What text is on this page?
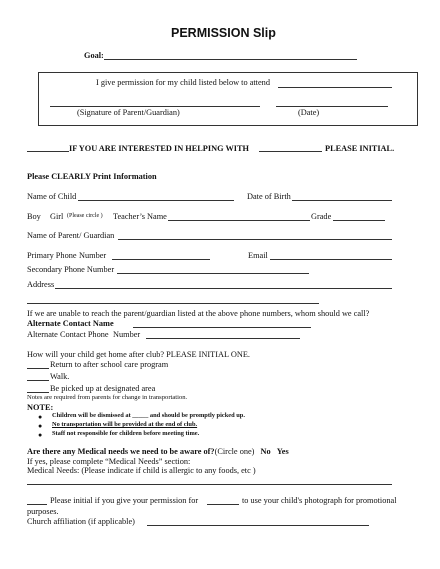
PERMISSION Slip
Goal:
I give permission for my child listed below to attend
(Signature of Parent/Guardian)	(Date)
IF YOU ARE INTERESTED IN HELPING WITH	PLEASE INITIAL.
Please CLEARLY Print Information
Name of Child	Date of Birth
Boy Girl (Please circle ) Teacher’s Name	Grade
Name of Parent/ Guardian
Primary Phone Number	Email
Secondary Phone Number
Address
If we are unable to reach the parent/guardian listed at the above phone numbers, whom should we call?
Alternate Contact Name
Alternate Contact Phone Number
How will your child get home after club? PLEASE INITIAL ONE.
Return to after school care program
Walk.
Be picked up at designated area
Notes are required from parents for change in transportation.
NOTE:
● Children will be dismissed at _____ and should be promptly picked up.
● No transportation will be provided at the end of club.
● Staff not responsible for children before meeting time.
Are there any Medical needs we need to be aware of?(Circle one) No Yes
If yes, please complete “Medical Needs” section:
Medical Needs: (Please indicate if child is allergic to any foods, etc )
Please initial if you give your permission for	to use your child's photograph for promotional
purposes.
Church affiliation (if applicable)
